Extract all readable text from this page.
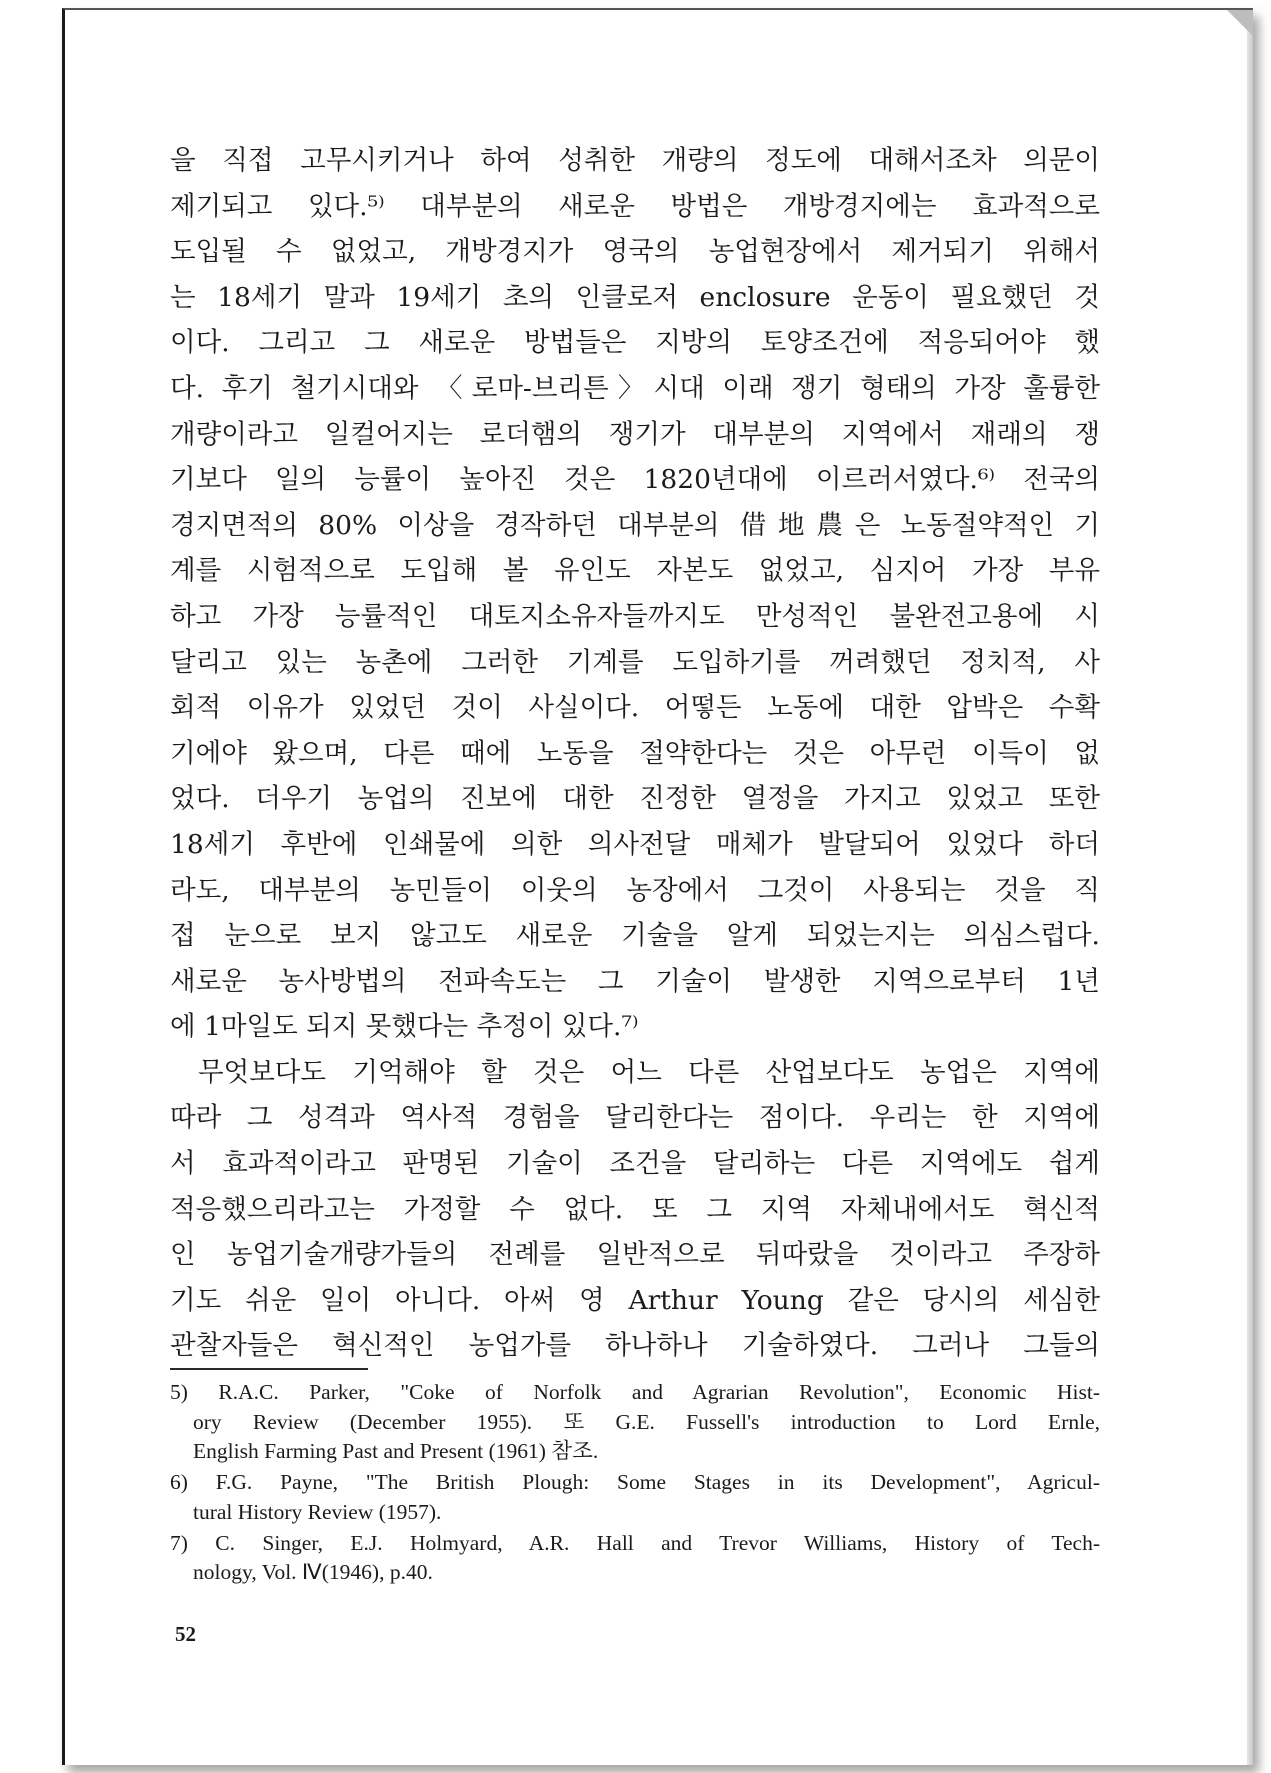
을 직접 고무시키거나 하여 성취한 개량의 정도에 대해서조차 의문이
제기되고 있다.⁵⁾ 대부분의 새로운 방법은 개방경지에는 효과적으로
도입될 수 없었고, 개방경지가 영국의 농업현장에서 제거되기 위해서
는 18세기 말과 19세기 초의 인클로저 enclosure 운동이 필요했던 것
이다. 그리고 그 새로운 방법들은 지방의 토양조건에 적응되어야 했
다. 후기 철기시대와 〈로마-브리튼〉시대 이래 쟁기 형태의 가장 훌륭한
개량이라고 일컬어지는 로더햄의 쟁기가 대부분의 지역에서 재래의 쟁
기보다 일의 능률이 높아진 것은 1820년대에 이르러서였다.⁶⁾ 전국의
경지면적의 80% 이상을 경작하던 대부분의 借地農은 노동절약적인 기
계를 시험적으로 도입해 볼 유인도 자본도 없었고, 심지어 가장 부유
하고 가장 능률적인 대토지소유자들까지도 만성적인 불완전고용에 시
달리고 있는 농촌에 그러한 기계를 도입하기를 꺼려했던 정치적, 사
회적 이유가 있었던 것이 사실이다. 어떻든 노동에 대한 압박은 수확
기에야 왔으며, 다른 때에 노동을 절약한다는 것은 아무런 이득이 없
었다. 더우기 농업의 진보에 대한 진정한 열정을 가지고 있었고 또한
18세기 후반에 인쇄물에 의한 의사전달 매체가 발달되어 있었다 하더
라도, 대부분의 농민들이 이웃의 농장에서 그것이 사용되는 것을 직
접 눈으로 보지 않고도 새로운 기술을 알게 되었는지는 의심스럽다.
새로운 농사방법의 전파속도는 그 기술이 발생한 지역으로부터 1년
에 1마일도 되지 못했다는 추정이 있다.⁷⁾
무엇보다도 기억해야 할 것은 어느 다른 산업보다도 농업은 지역에
따라 그 성격과 역사적 경험을 달리한다는 점이다. 우리는 한 지역에
서 효과적이라고 판명된 기술이 조건을 달리하는 다른 지역에도 쉽게
적응했으리라고는 가정할 수 없다. 또 그 지역 자체내에서도 혁신적
인 농업기술개량가들의 전례를 일반적으로 뒤따랐을 것이라고 주장하
기도 쉬운 일이 아니다. 아써 영 Arthur Young 같은 당시의 세심한
관찰자들은 혁신적인 농업가를 하나하나 기술하였다. 그러나 그들의
5) R.A.C. Parker, "Coke of Norfolk and Agrarian Revolution", Economic Hist-
ory Review (December 1955). 또 G.E. Fussell's introduction to Lord Ernle,
English Farming Past and Present (1961) 참조.
6) F.G. Payne, "The British Plough: Some Stages in its Development", Agricul-
tural History Review (1957).
7) C. Singer, E.J. Holmyard, A.R. Hall and Trevor Williams, History of Tech-
nology, Vol. Ⅳ(1946), p.40.
52
